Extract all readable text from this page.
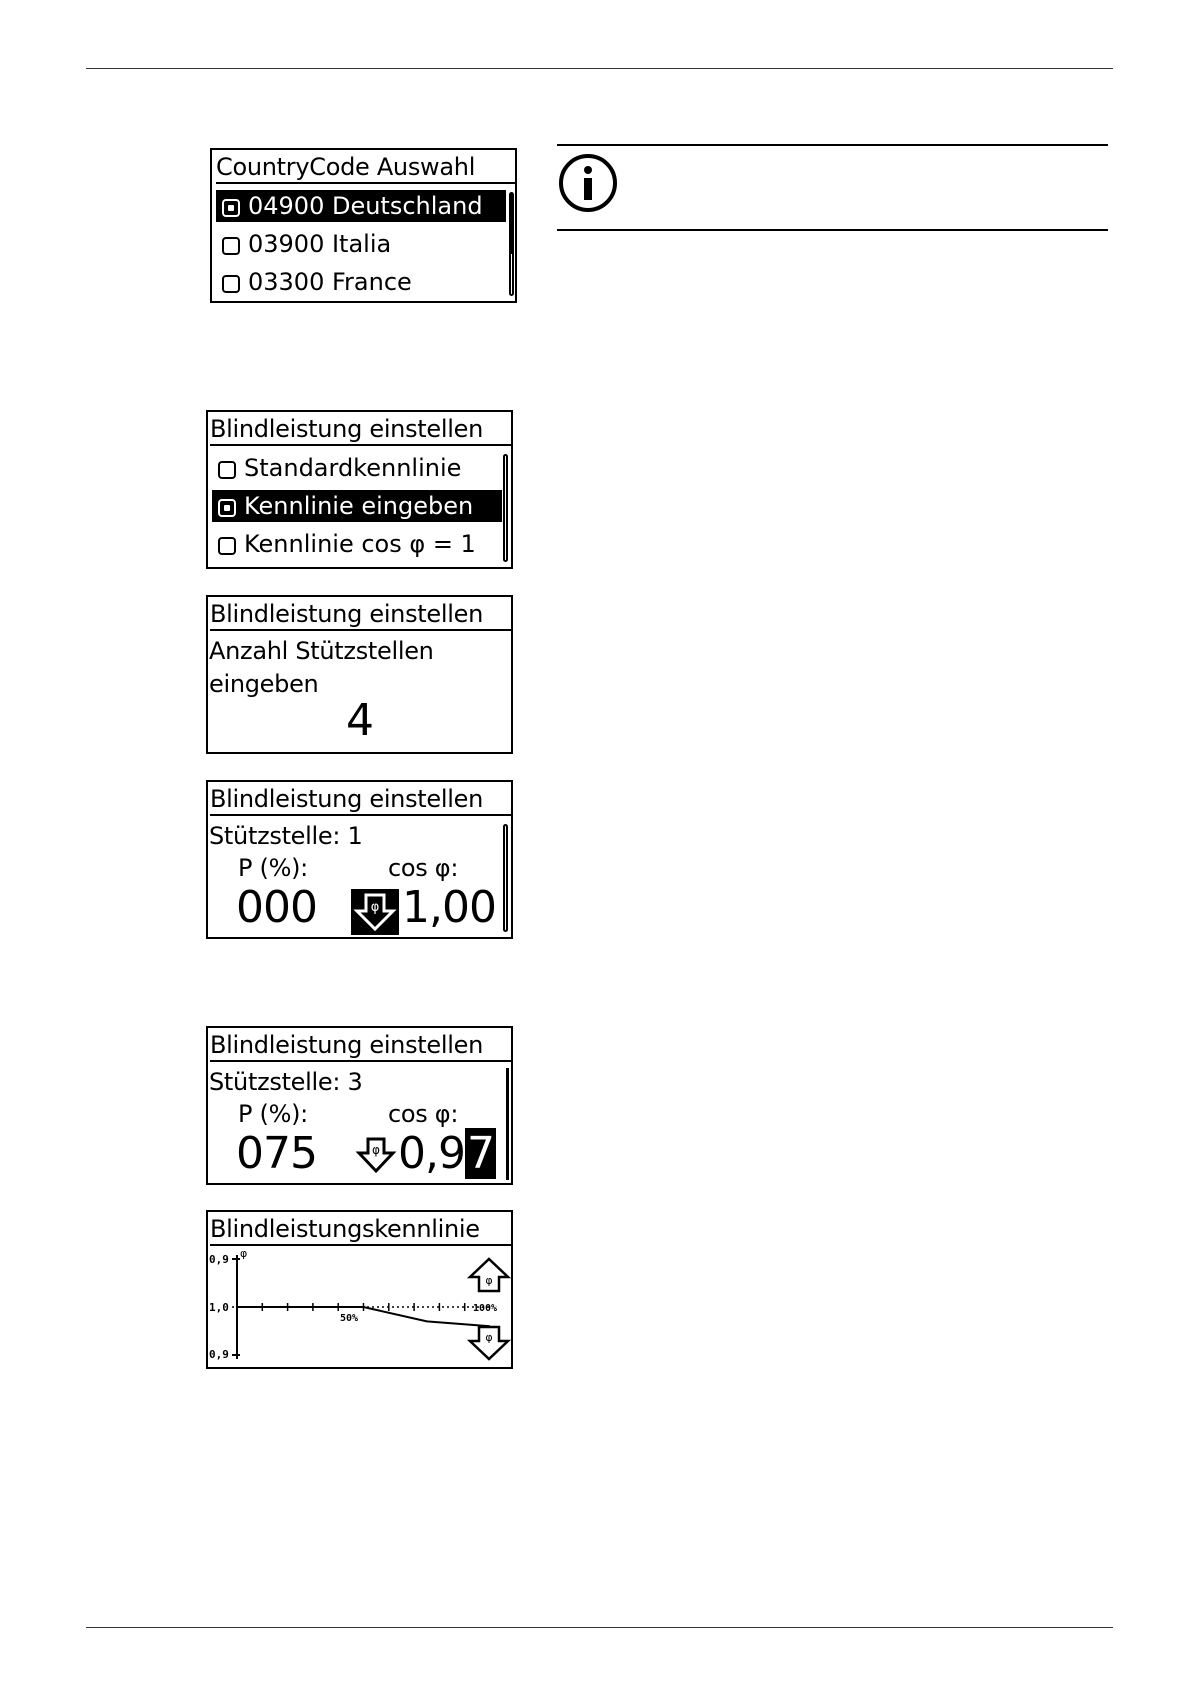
CountryCode Auswahl
04900 Deutschland
03900 Italia
03300 France
Blindleistung einstellen
Standardkennlinie
Kennlinie eingeben
Kennlinie cos φ = 1
Blindleistung einstellen
Anzahl Stützstellen
eingeben
4
Blindleistung einstellen
Stützstelle: 1
P (%):	cos φ:
000	φ 1,00
Blindleistung einstellen
Stützstelle: 3
P (%):	cos φ:
075	φ 0,97
Blindleistungskennlinie
0,9
1,0
0,9
φ
50%
100%
φ
φ
